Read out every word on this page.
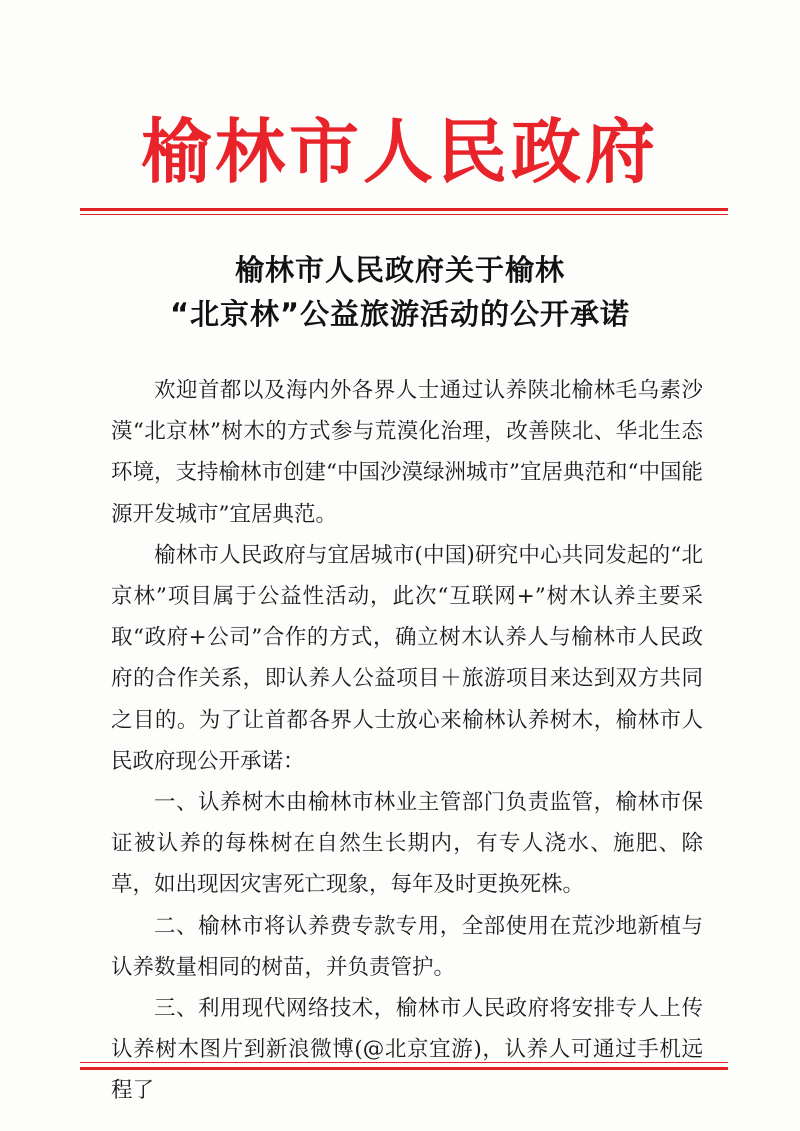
榆林市人民政府
榆林市人民政府关于榆林
“北京林”公益旅游活动的公开承诺

欢迎首都以及海内外各界人士通过认养陕北榆林毛乌素沙漠“北京林”树木的方式参与荒漠化治理，改善陕北、华北生态环境，支持榆林市创建“中国沙漠绿洲城市”宜居典范和“中国能源开发城市”宜居典范。

榆林市人民政府与宜居城市(中国)研究中心共同发起的“北京林”项目属于公益性活动，此次“互联网+”树木认养主要采取“政府+公司”合作的方式，确立树木认养人与榆林市人民政府的合作关系，即认养人公益项目＋旅游项目来达到双方共同之目的。为了让首都各界人士放心来榆林认养树木，榆林市人民政府现公开承诺：

一、认养树木由榆林市林业主管部门负责监管，榆林市保证被认养的每株树在自然生长期内，有专人浇水、施肥、除草，如出现因灾害死亡现象，每年及时更换死株。

二、榆林市将认养费专款专用，全部使用在荒沙地新植与认养数量相同的树苗，并负责管护。

三、利用现代网络技术，榆林市人民政府将安排专人上传认养树木图片到新浪微博(@北京宜游)，认养人可通过手机远程了
